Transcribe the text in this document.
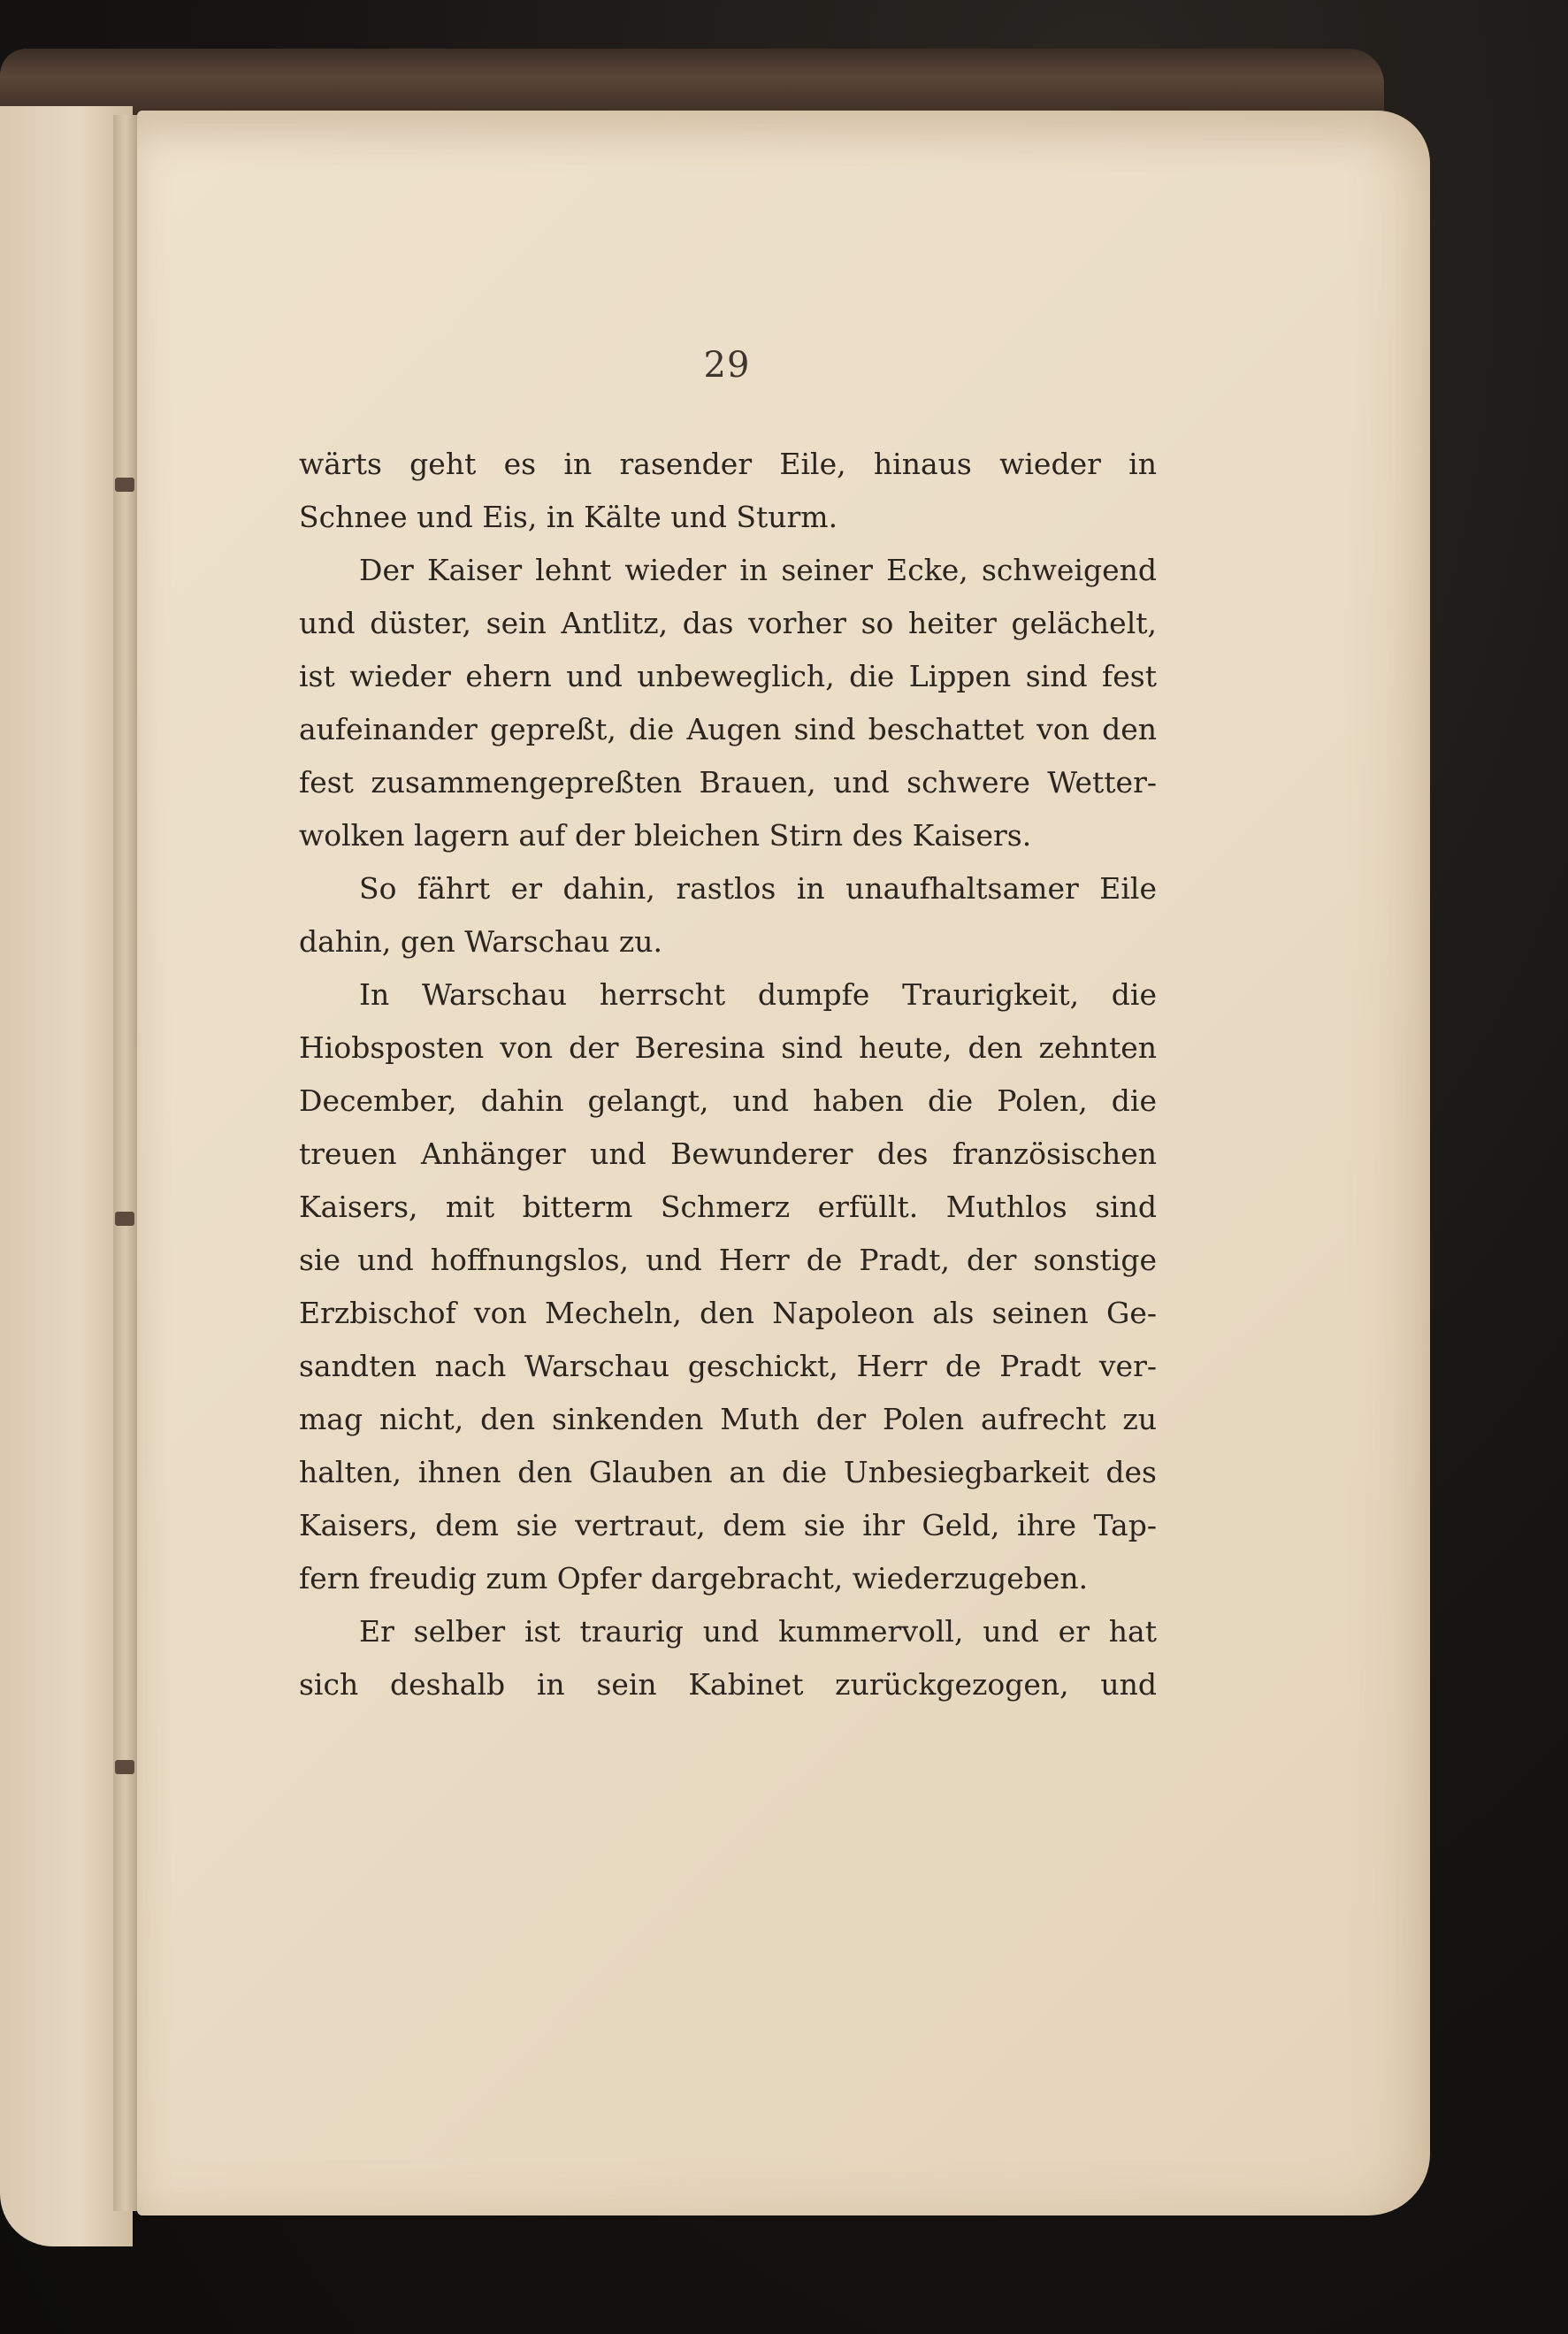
29
wärts geht es in rasender Eile, hinaus wieder in
Schnee und Eis, in Kälte und Sturm.
Der Kaiser lehnt wieder in seiner Ecke, schweigend
und düster, sein Antlitz, das vorher so heiter gelächelt,
ist wieder ehern und unbeweglich, die Lippen sind fest
aufeinander gepreßt, die Augen sind beschattet von den
fest zusammengepreßten Brauen, und schwere Wetter-
wolken lagern auf der bleichen Stirn des Kaisers.
So fährt er dahin, rastlos in unaufhaltsamer Eile
dahin, gen Warschau zu.
In Warschau herrscht dumpfe Traurigkeit, die
Hiobsposten von der Beresina sind heute, den zehnten
December, dahin gelangt, und haben die Polen, die
treuen Anhänger und Bewunderer des französischen
Kaisers, mit bitterm Schmerz erfüllt. Muthlos sind
sie und hoffnungslos, und Herr de Pradt, der sonstige
Erzbischof von Mecheln, den Napoleon als seinen Ge-
sandten nach Warschau geschickt, Herr de Pradt ver-
mag nicht, den sinkenden Muth der Polen aufrecht zu
halten, ihnen den Glauben an die Unbesiegbarkeit des
Kaisers, dem sie vertraut, dem sie ihr Geld, ihre Tap-
fern freudig zum Opfer dargebracht, wiederzugeben.
Er selber ist traurig und kummervoll, und er hat
sich deshalb in sein Kabinet zurückgezogen, und
